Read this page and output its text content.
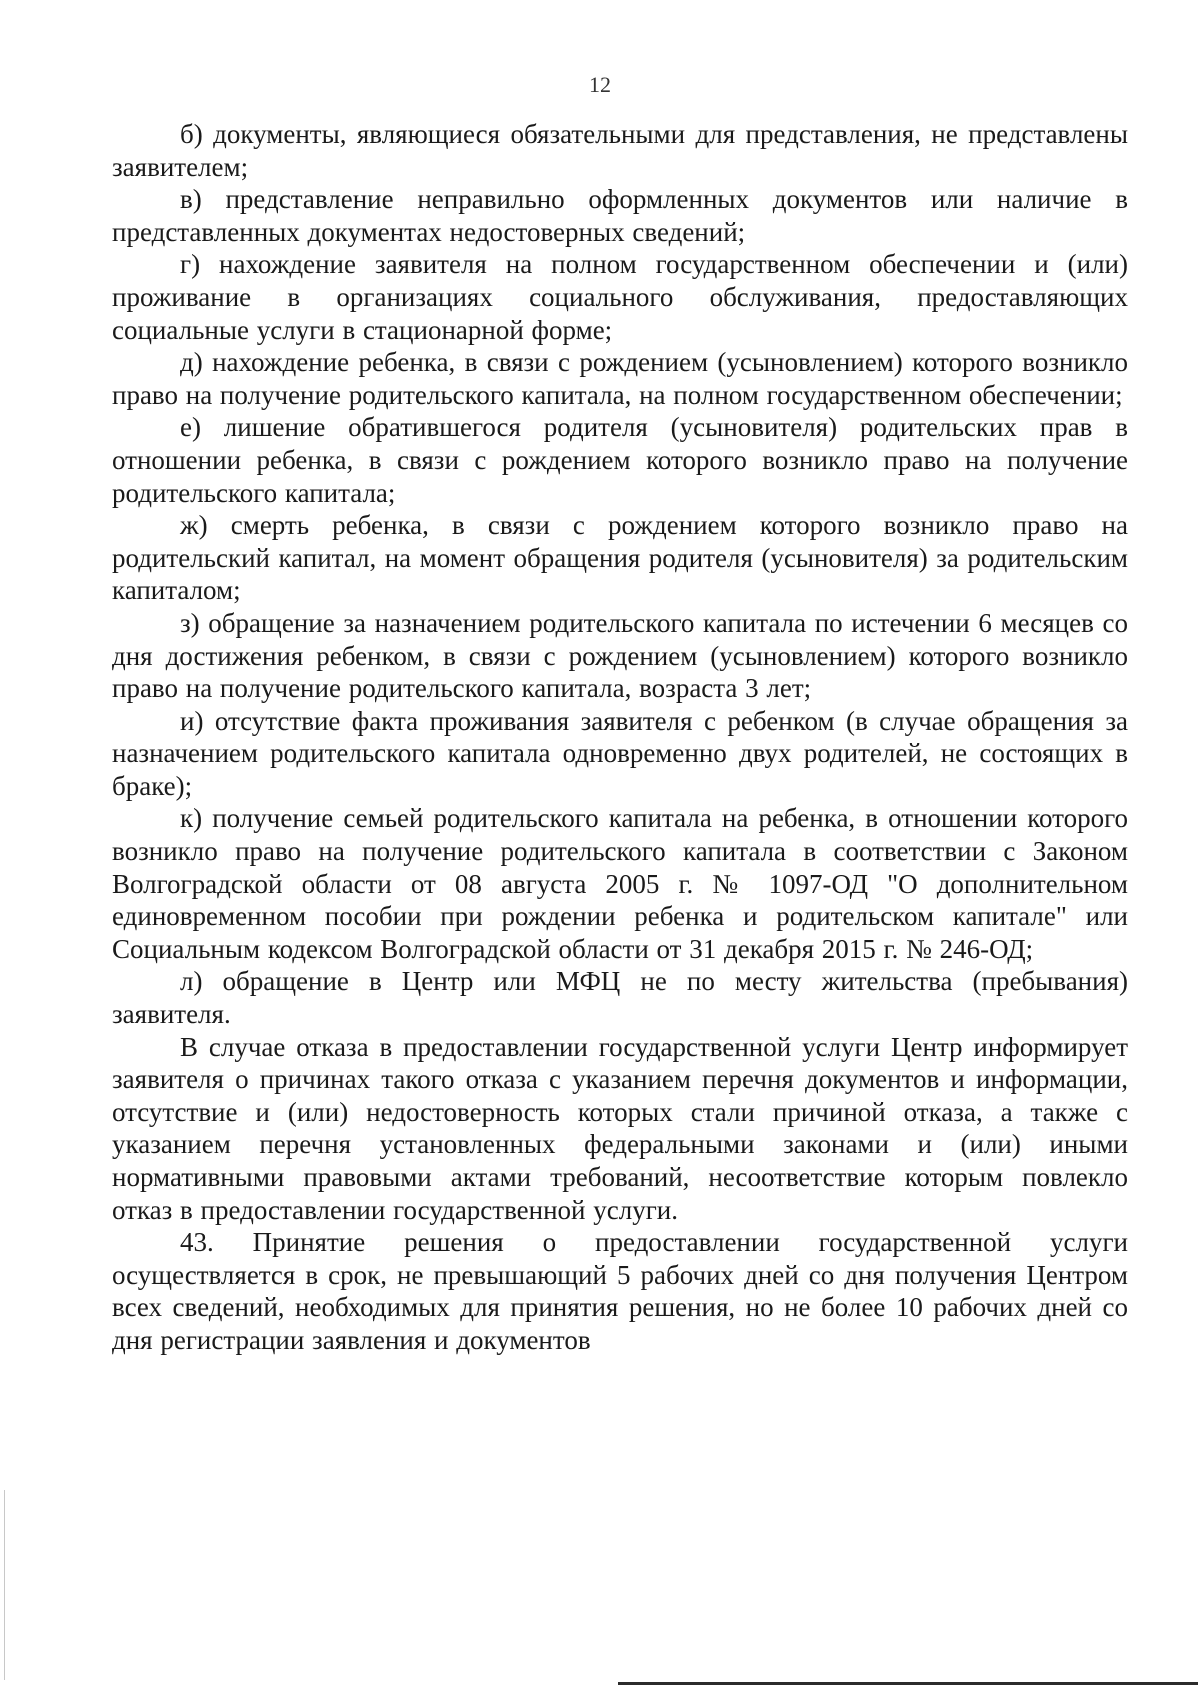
12

б) документы, являющиеся обязательными для представления, не представлены заявителем;

в) представление неправильно оформленных документов или наличие в представленных документах недостоверных сведений;

г) нахождение заявителя на полном государственном обеспечении и (или) проживание в организациях социального обслуживания, предоставляющих социальные услуги в стационарной форме;

д) нахождение ребенка, в связи с рождением (усыновлением) которого возникло право на получение родительского капитала, на полном государственном обеспечении;

е) лишение обратившегося родителя (усыновителя) родительских прав в отношении ребенка, в связи с рождением которого возникло право на получение родительского капитала;

ж) смерть ребенка, в связи с рождением которого возникло право на родительский капитал, на момент обращения родителя (усыновителя) за родительским капиталом;

з) обращение за назначением родительского капитала по истечении 6 месяцев со дня достижения ребенком, в связи с рождением (усыновлением) которого возникло право на получение родительского капитала, возраста 3 лет;

и) отсутствие факта проживания заявителя с ребенком (в случае обращения за назначением родительского капитала одновременно двух родителей, не состоящих в браке);

к) получение семьей родительского капитала на ребенка, в отношении которого возникло право на получение родительского капитала в соответствии с Законом Волгоградской области от 08 августа 2005 г. № 1097-ОД "О дополнительном единовременном пособии при рождении ребенка и родительском капитале" или Социальным кодексом Волгоградской области от 31 декабря 2015 г. № 246-ОД;

л) обращение в Центр или МФЦ не по месту жительства (пребывания) заявителя.

В случае отказа в предоставлении государственной услуги Центр информирует заявителя о причинах такого отказа с указанием перечня документов и информации, отсутствие и (или) недостоверность которых стали причиной отказа, а также с указанием перечня установленных федеральными законами и (или) иными нормативными правовыми актами требований, несоответствие которым повлекло отказ в предоставлении государственной услуги.

43. Принятие решения о предоставлении государственной услуги осуществляется в срок, не превышающий 5 рабочих дней со дня получения Центром всех сведений, необходимых для принятия решения, но не более 10 рабочих дней со дня регистрации заявления и документов
